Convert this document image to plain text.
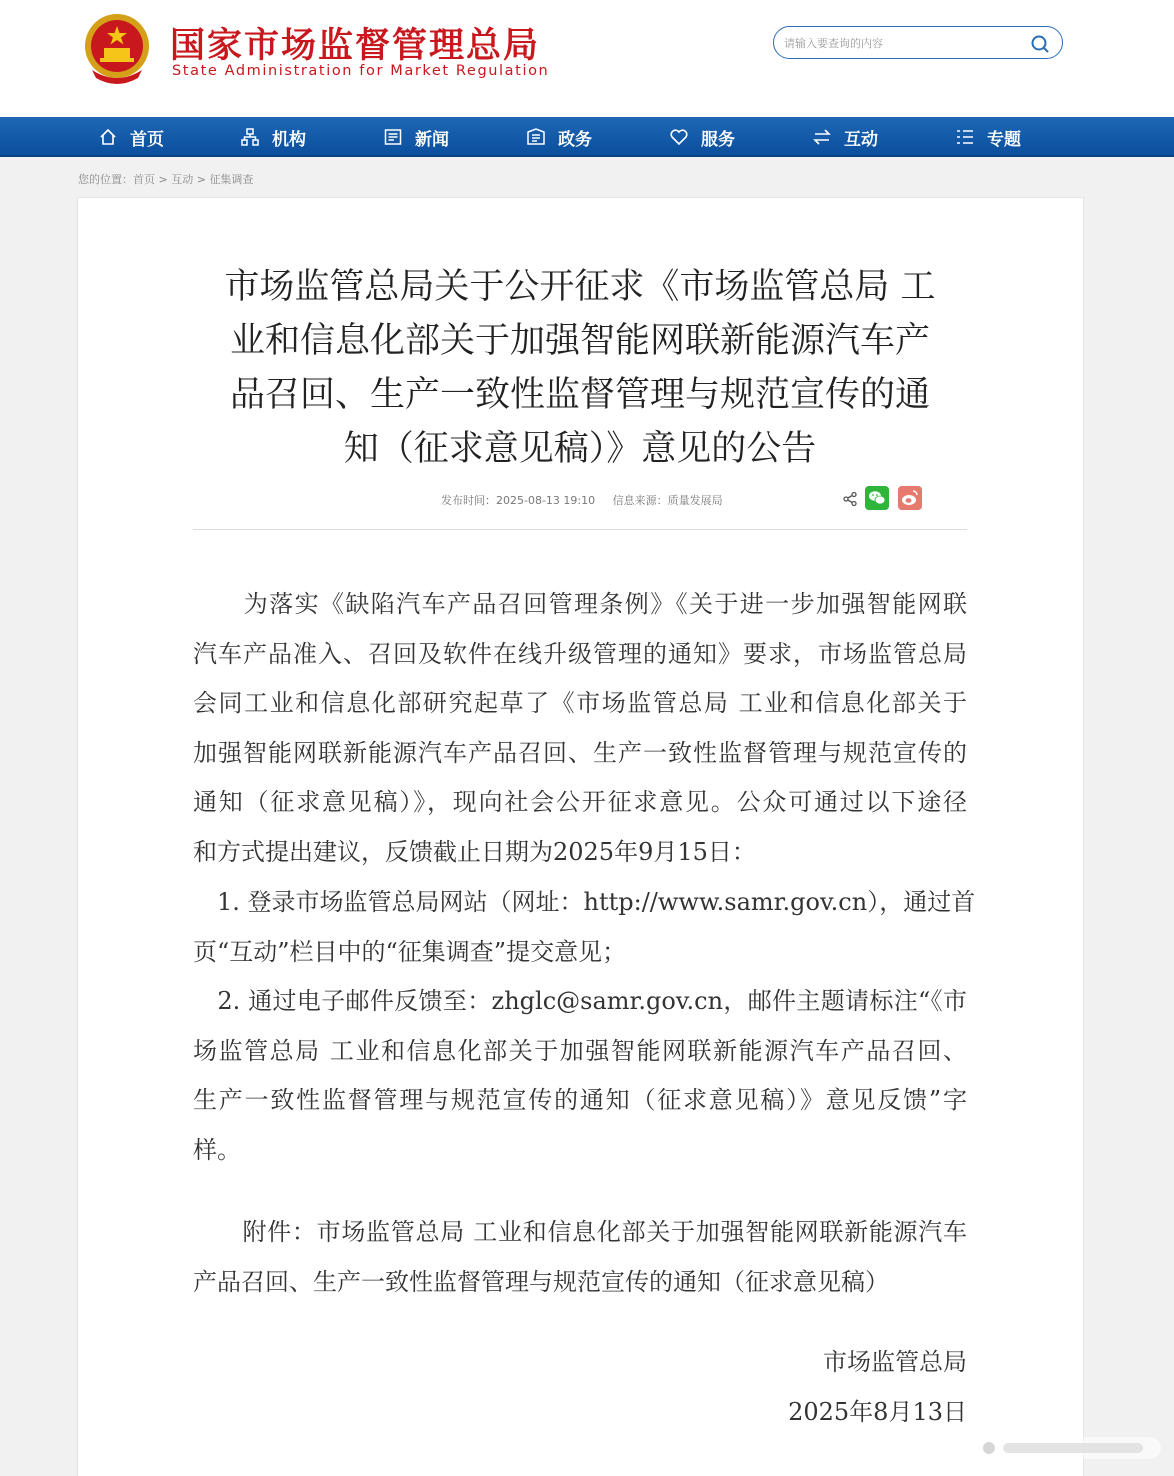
国家市场监督管理总局
State Administration for Market Regulation
请输入要查询的内容
首页	机构	新闻	政务	服务	互动	专题
您的位置：首页 > 互动 > 征集调查
市场监管总局关于公开征求《市场监管总局 工
业和信息化部关于加强智能网联新能源汽车产
品召回、生产一致性监督管理与规范宣传的通
知（征求意见稿）》意见的公告
发布时间：2025-08-13 19:10 信息来源：质量发展局
　　为落实《缺陷汽车产品召回管理条例》《关于进一步加强智能网联
汽车产品准入、召回及软件在线升级管理的通知》要求，市场监管总局
会同工业和信息化部研究起草了《市场监管总局 工业和信息化部关于
加强智能网联新能源汽车产品召回、生产一致性监督管理与规范宣传的
通知（征求意见稿）》，现向社会公开征求意见。公众可通过以下途径
和方式提出建议，反馈截止日期为2025年9月15日：
　1. 登录市场监管总局网站（网址：http://www.samr.gov.cn），通过首
页“互动”栏目中的“征集调查”提交意见；
　2. 通过电子邮件反馈至：zhglc@samr.gov.cn，邮件主题请标注“《市
场监管总局 工业和信息化部关于加强智能网联新能源汽车产品召回、
生产一致性监督管理与规范宣传的通知（征求意见稿）》意见反馈”字
样。
　　附件：市场监管总局 工业和信息化部关于加强智能网联新能源汽车
产品召回、生产一致性监督管理与规范宣传的通知（征求意见稿）
市场监管总局
2025年8月13日
